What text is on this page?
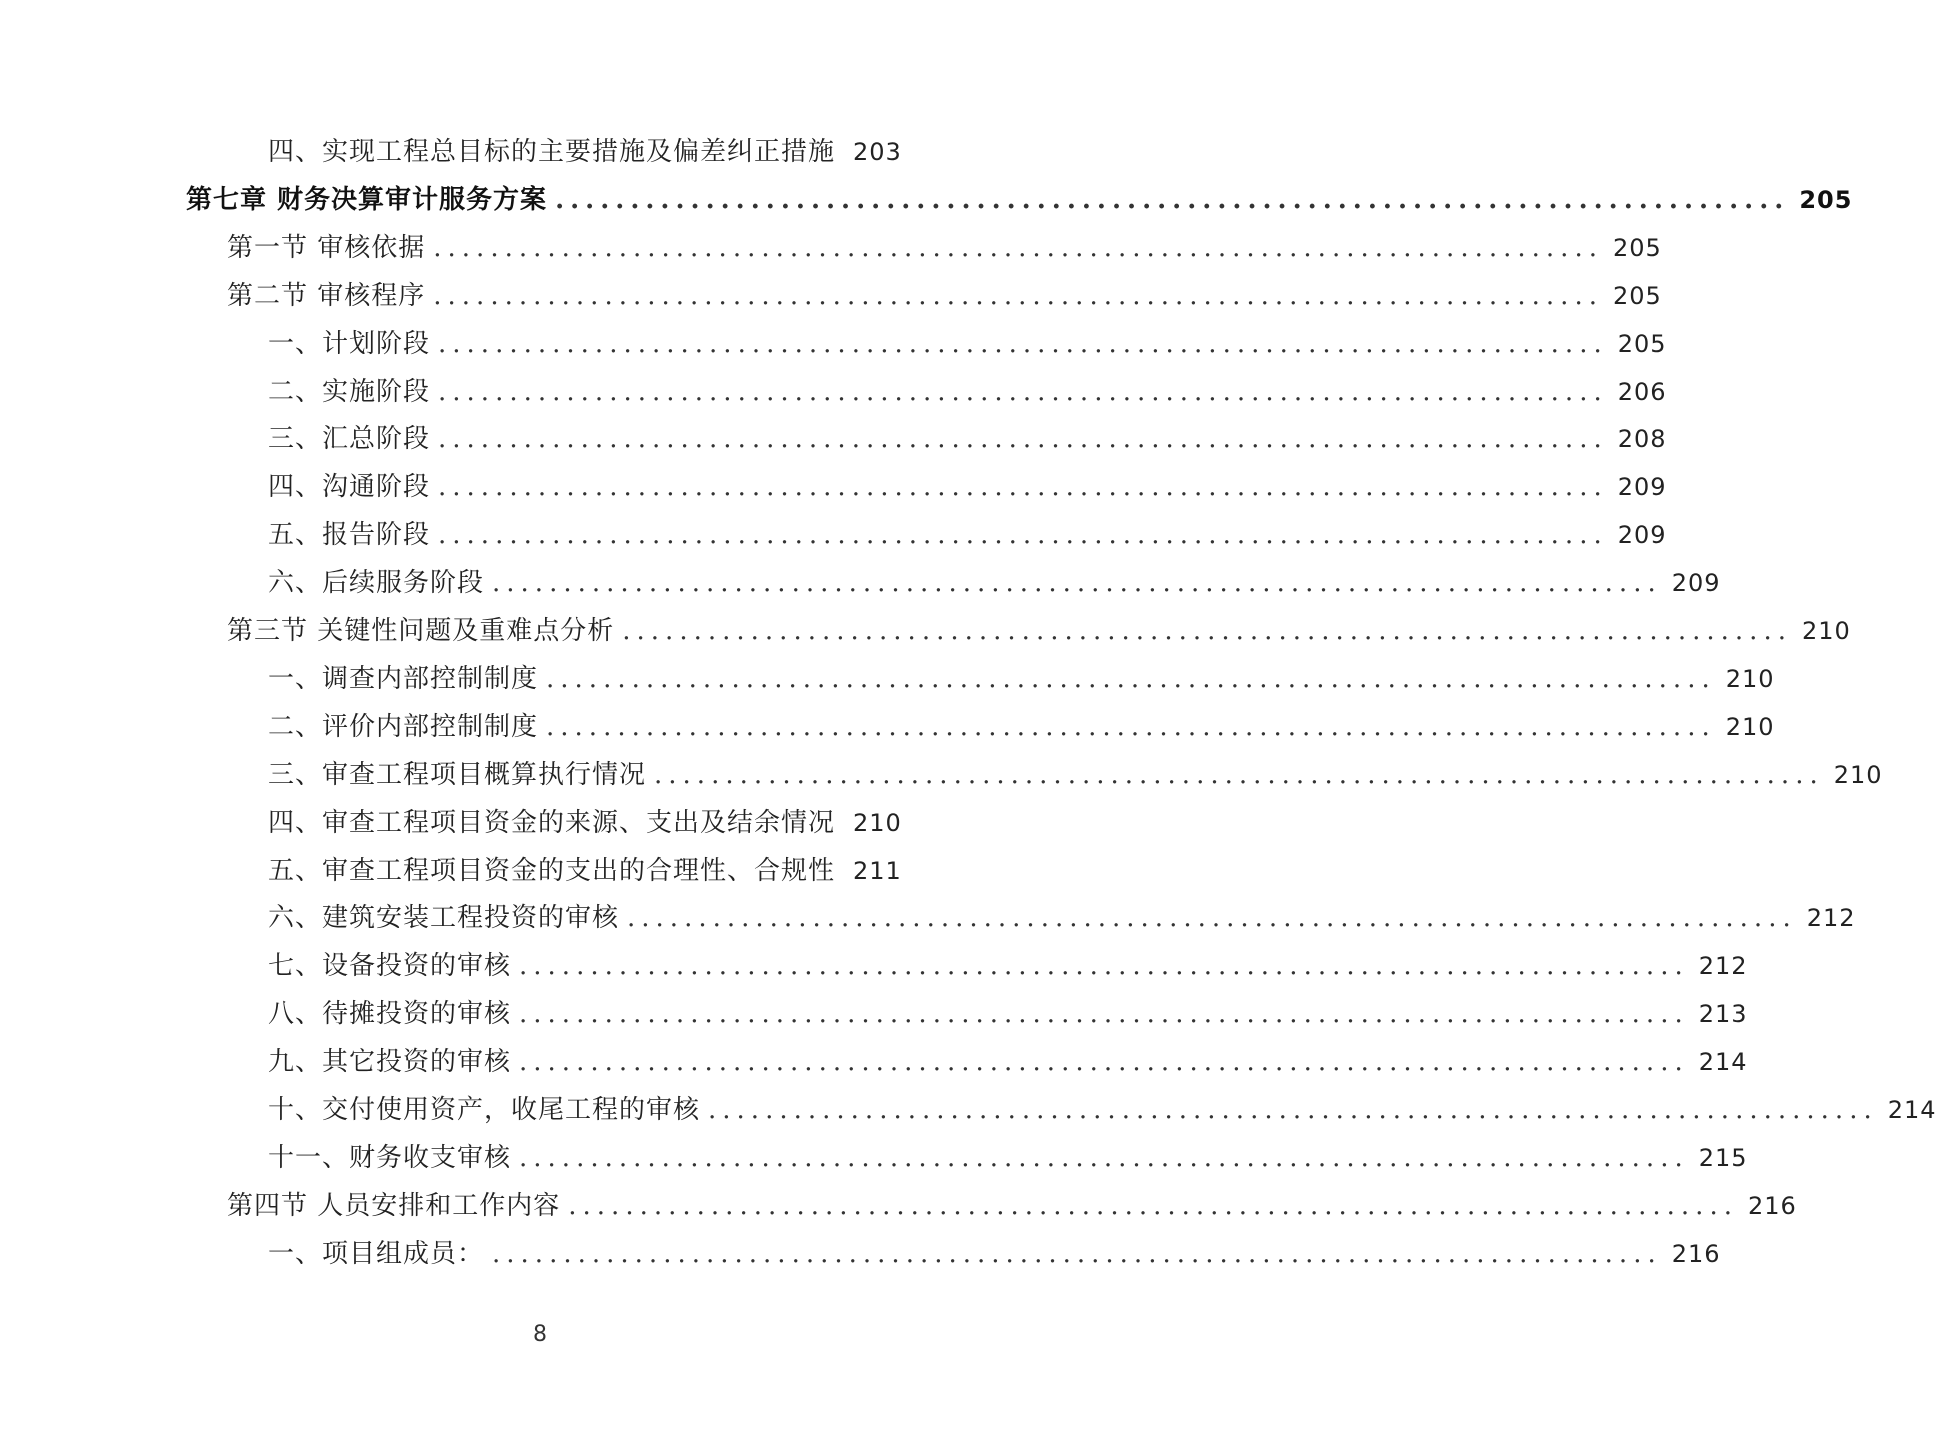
四、实现工程总目标的主要措施及偏差纠正措施 203
第七章 财务决算审计服务方案 .................................................................................. 205
第一节 审核依据 .................................................................................. 205
第二节 审核程序 .................................................................................. 205
一、计划阶段 .................................................................................. 205
二、实施阶段 .................................................................................. 206
三、汇总阶段 .................................................................................. 208
四、沟通阶段 .................................................................................. 209
五、报告阶段 .................................................................................. 209
六、后续服务阶段 .................................................................................. 209
第三节 关键性问题及重难点分析 .................................................................................. 210
一、调查内部控制制度 .................................................................................. 210
二、评价内部控制制度 .................................................................................. 210
三、审查工程项目概算执行情况 .................................................................................. 210
四、审查工程项目资金的来源、支出及结余情况 210
五、审查工程项目资金的支出的合理性、合规性 211
六、建筑安装工程投资的审核 .................................................................................. 212
七、设备投资的审核 .................................................................................. 212
八、待摊投资的审核 .................................................................................. 213
九、其它投资的审核 .................................................................................. 214
十、交付使用资产，收尾工程的审核 .................................................................................. 214
十一、财务收支审核 .................................................................................. 215
第四节 人员安排和工作内容 .................................................................................. 216
一、项目组成员： .................................................................................. 216
8
